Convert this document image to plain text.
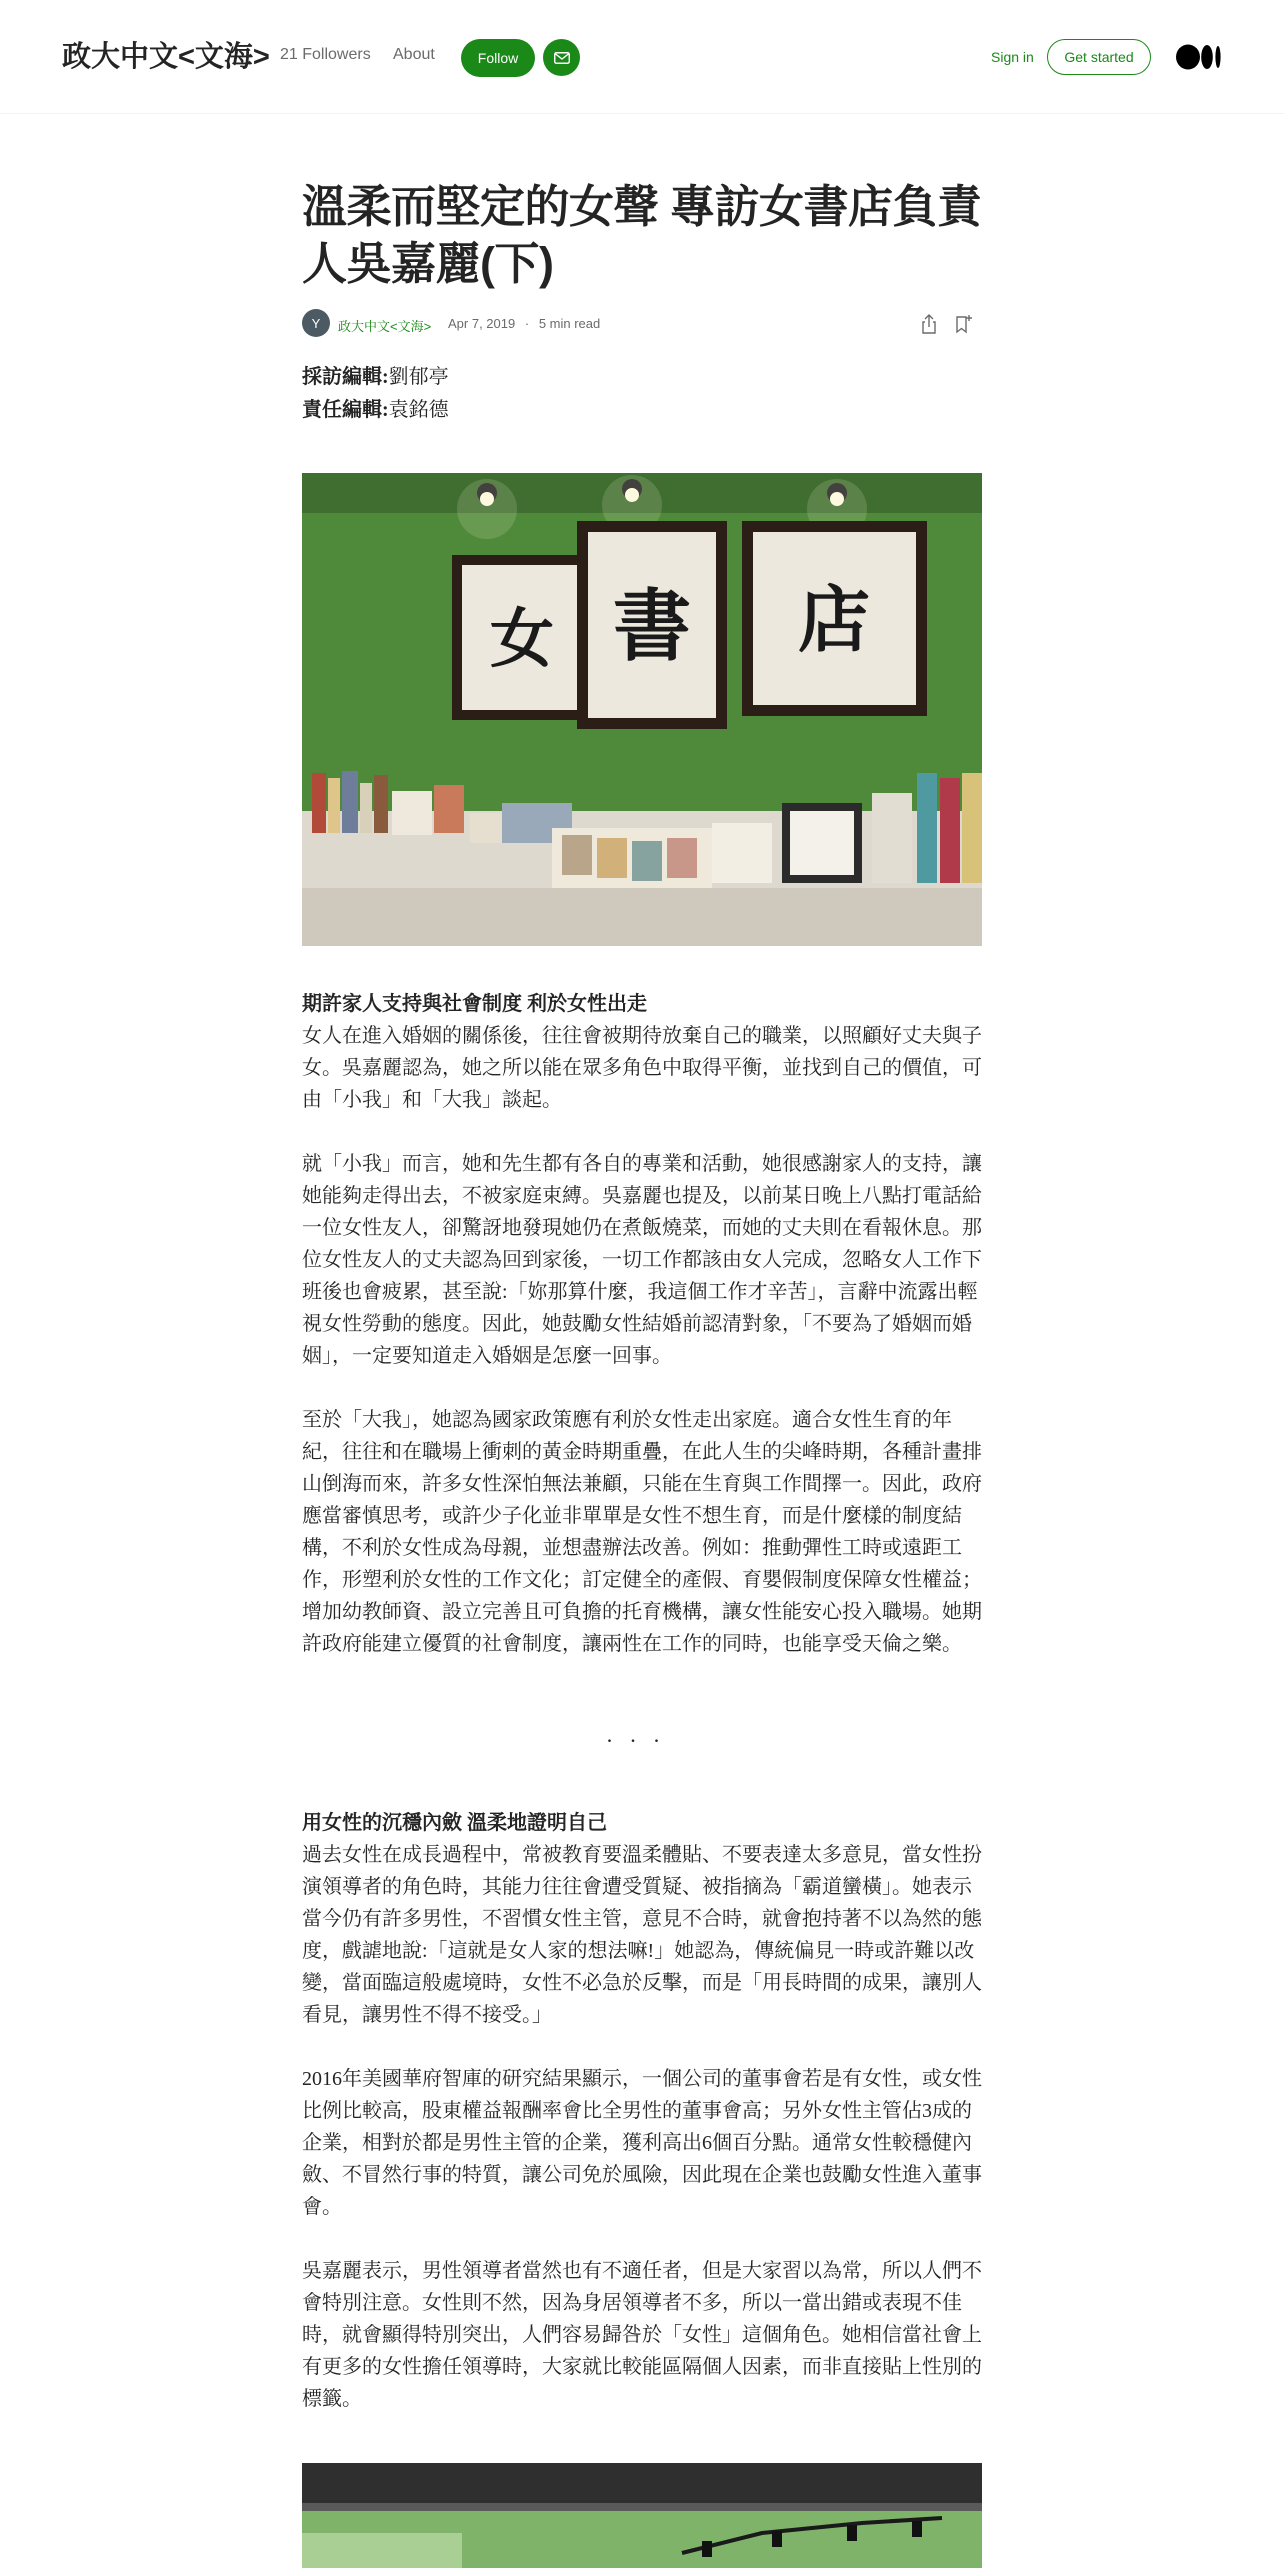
政大中文<文海> 21 Followers About	Follow	Sign in	Get started
溫柔而堅定的女聲 專訪女書店負責人吳嘉麗(下)
Y	政大中文<文海> Apr 7, 2019 · 5 min read
採訪編輯:劉郁亭
責任編輯:袁銘德
女 書 店
期許家人支持與社會制度 利於女性出走

女人在進入婚姻的關係後，往往會被期待放棄自己的職業，以照顧好丈夫與子女。吳嘉麗認為，她之所以能在眾多角色中取得平衡，並找到自己的價值，可由「小我」和「大我」談起。

就「小我」而言，她和先生都有各自的專業和活動，她很感謝家人的支持，讓她能夠走得出去，不被家庭束縛。吳嘉麗也提及，以前某日晚上八點打電話給一位女性友人，卻驚訝地發現她仍在煮飯燒菜，而她的丈夫則在看報休息。那位女性友人的丈夫認為回到家後，一切工作都該由女人完成，忽略女人工作下班後也會疲累，甚至說:「妳那算什麼，我這個工作才辛苦」，言辭中流露出輕視女性勞動的態度。因此，她鼓勵女性結婚前認清對象，「不要為了婚姻而婚姻」，一定要知道走入婚姻是怎麼一回事。

至於「大我」，她認為國家政策應有利於女性走出家庭。適合女性生育的年紀，往往和在職場上衝刺的黃金時期重疊，在此人生的尖峰時期，各種計畫排山倒海而來，許多女性深怕無法兼顧，只能在生育與工作間擇一。因此，政府應當審慎思考，或許少子化並非單單是女性不想生育，而是什麼樣的制度結構，不利於女性成為母親，並想盡辦法改善。例如：推動彈性工時或遠距工作，形塑利於女性的工作文化；訂定健全的產假、育嬰假制度保障女性權益；增加幼教師資、設立完善且可負擔的托育機構，讓女性能安心投入職場。她期許政府能建立優質的社會制度，讓兩性在工作的同時，也能享受天倫之樂。

...
用女性的沉穩內斂 溫柔地證明自己

過去女性在成長過程中，常被教育要溫柔體貼、不要表達太多意見，當女性扮演領導者的角色時，其能力往往會遭受質疑、被指摘為「霸道蠻橫」。她表示當今仍有許多男性，不習慣女性主管，意見不合時，就會抱持著不以為然的態度，戲謔地說:「這就是女人家的想法嘛!」她認為，傳統偏見一時或許難以改變，當面臨這般處境時，女性不必急於反擊，而是「用長時間的成果，讓別人看見，讓男性不得不接受。」

2016年美國華府智庫的研究結果顯示，一個公司的董事會若是有女性，或女性比例比較高，股東權益報酬率會比全男性的董事會高；另外女性主管佔3成的企業，相對於都是男性主管的企業，獲利高出6個百分點。通常女性較穩健內斂、不冒然行事的特質，讓公司免於風險，因此現在企業也鼓勵女性進入董事會。

吳嘉麗表示，男性領導者當然也有不適任者，但是大家習以為常，所以人們不會特別注意。女性則不然，因為身居領導者不多，所以一當出錯或表現不佳時，就會顯得特別突出，人們容易歸咎於「女性」這個角色。她相信當社會上有更多的女性擔任領導時，大家就比較能區隔個人因素，而非直接貼上性別的標籤。
